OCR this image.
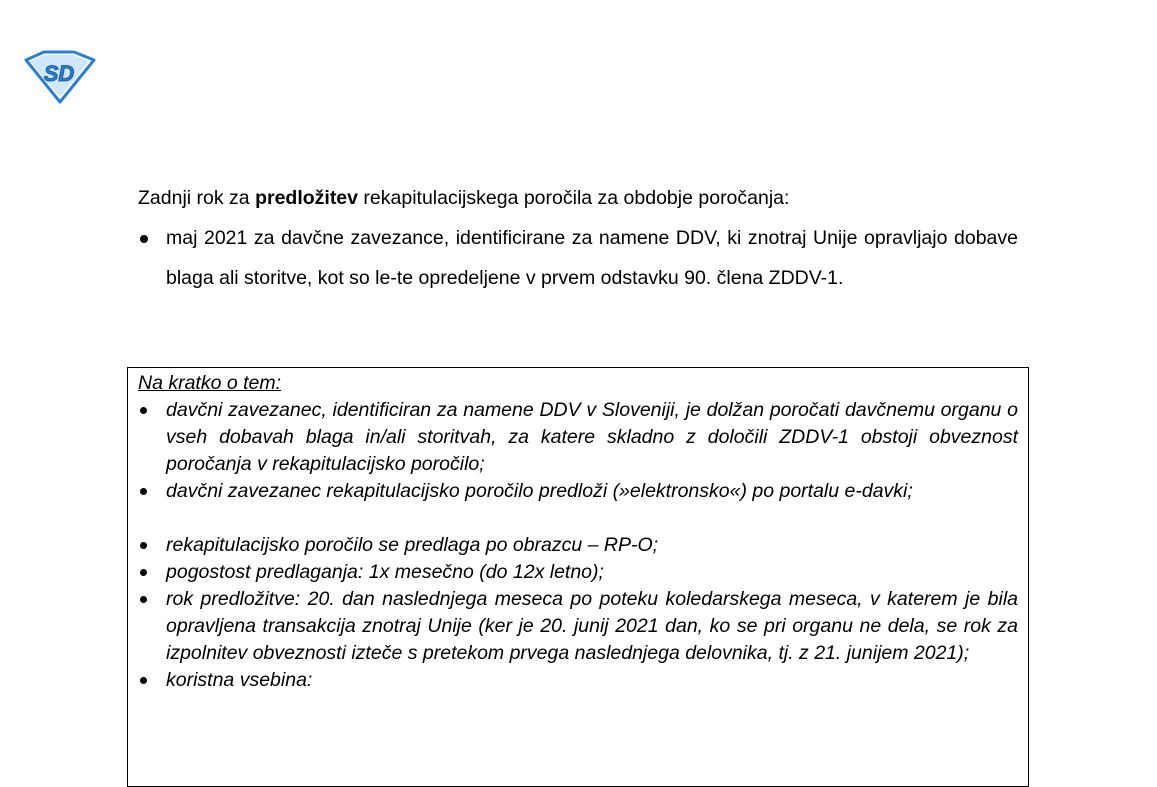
SD

Zadnji rok za predložitev rekapitulacijskega poročila za obdobje poročanja:

maj 2021 za davčne zavezance, identificirane za namene DDV, ki znotraj Unije opravljajo dobave blaga ali storitve, kot so le-te opredeljene v prvem odstavku 90. člena ZDDV-1.

Na kratko o tem:

davčni zavezanec, identificiran za namene DDV v Sloveniji, je dolžan poročati davčnemu organu o vseh dobavah blaga in/ali storitvah, za katere skladno z določili ZDDV-1 obstoji obveznost poročanja v rekapitulacijsko poročilo;
davčni zavezanec rekapitulacijsko poročilo predloži (»elektronsko«) po portalu e-davki;
rekapitulacijsko poročilo se predlaga po obrazcu – RP-O;
pogostost predlaganja: 1x mesečno (do 12x letno);
rok predložitve: 20. dan naslednjega meseca po poteku koledarskega meseca, v katerem je bila opravljena transakcija znotraj Unije (ker je 20. junij 2021 dan, ko se pri organu ne dela, se rok za izpolnitev obveznosti izteče s pretekom prvega naslednjega delovnika, tj. z 21. junijem 2021);
koristna vsebina:
